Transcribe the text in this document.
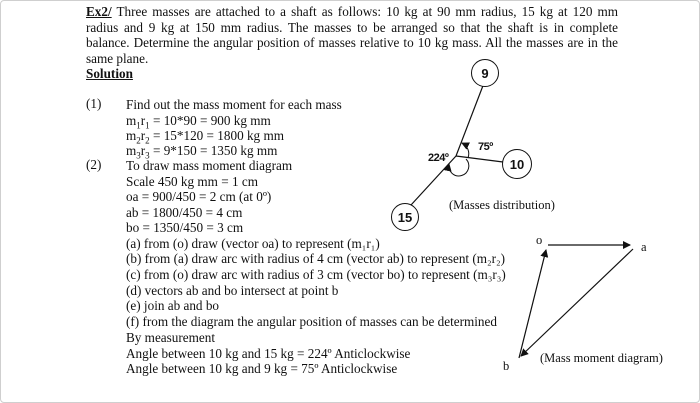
Ex2/ Three masses are attached to a shaft as follows: 10 kg at 90 mm radius, 15 kg at 120 mm radius and 9 kg at 150 mm radius. The masses to be arranged so that the shaft is in complete balance. Determine the angular position of masses relative to 10 kg mass. All the masses are in the same plane.
Solution
(1) Find out the mass moment for each mass
$m_1r_1 = 10*90 = 900$ kg mm
$m_2r_2 = 15*120 = 1800$ kg mm
$m_3r_3 = 9*150 = 1350$ kg mm
(2) To draw mass moment diagram
Scale 450 kg mm = 1 cm
oa = 900/450 = 2 cm (at 0º)
ab = 1800/450 = 4 cm
bo = 1350/450 = 3 cm
(a) from (o) draw (vector oa) to represent (m₁r₁)
(b) from (a) draw arc with radius of 4 cm (vector ab) to represent (m₂r₂)
(c) from (o) draw arc with radius of 3 cm (vector bo) to represent (m₃r₃)
(d) vectors ab and bo intersect at point b
(e) join ab and bo
(f) from the diagram the angular position of masses can be determined
By measurement
Angle between 10 kg and 15 kg = 224º Anticlockwise
Angle between 10 kg and 9 kg = 75º Anticlockwise
9
10
15
224º
75º
(Masses distribution)
o	a
b
(Mass moment diagram)
